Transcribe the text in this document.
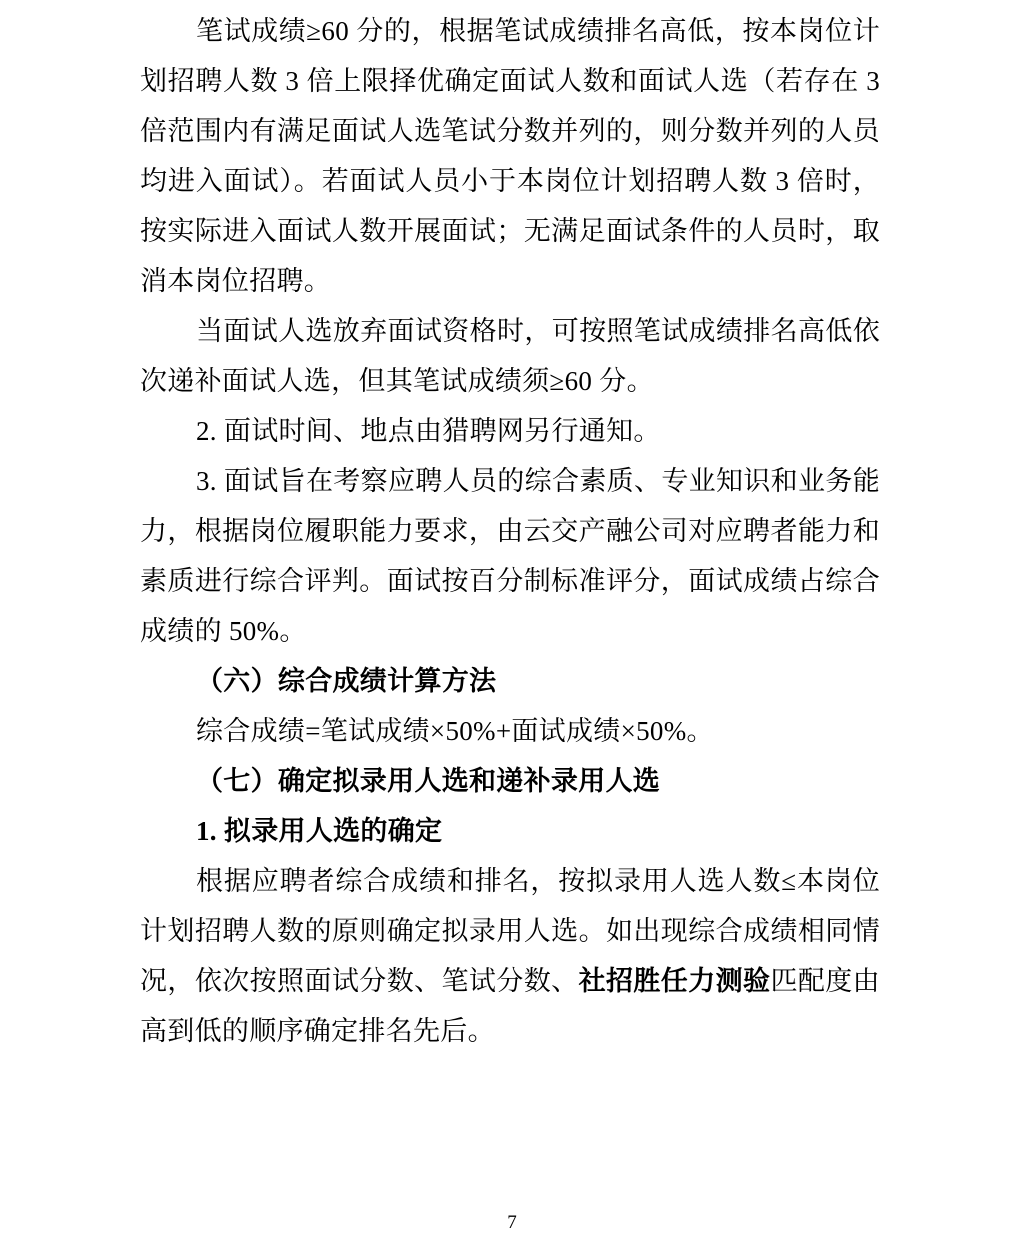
笔试成绩≥60 分的，根据笔试成绩排名高低，按本岗位计划招聘人数 3 倍上限择优确定面试人数和面试人选（若存在 3 倍范围内有满足面试人选笔试分数并列的，则分数并列的人员均进入面试）。若面试人员小于本岗位计划招聘人数 3 倍时，按实际进入面试人数开展面试；无满足面试条件的人员时，取消本岗位招聘。

当面试人选放弃面试资格时，可按照笔试成绩排名高低依次递补面试人选，但其笔试成绩须≥60 分。

2. 面试时间、地点由猎聘网另行通知。

3. 面试旨在考察应聘人员的综合素质、专业知识和业务能力，根据岗位履职能力要求，由云交产融公司对应聘者能力和素质进行综合评判。面试按百分制标准评分，面试成绩占综合成绩的 50%。

（六）综合成绩计算方法

综合成绩=笔试成绩×50%+面试成绩×50%。

（七）确定拟录用人选和递补录用人选

1. 拟录用人选的确定

根据应聘者综合成绩和排名，按拟录用人选人数≤本岗位计划招聘人数的原则确定拟录用人选。如出现综合成绩相同情况，依次按照面试分数、笔试分数、社招胜任力测验匹配度由高到低的顺序确定排名先后。

7
